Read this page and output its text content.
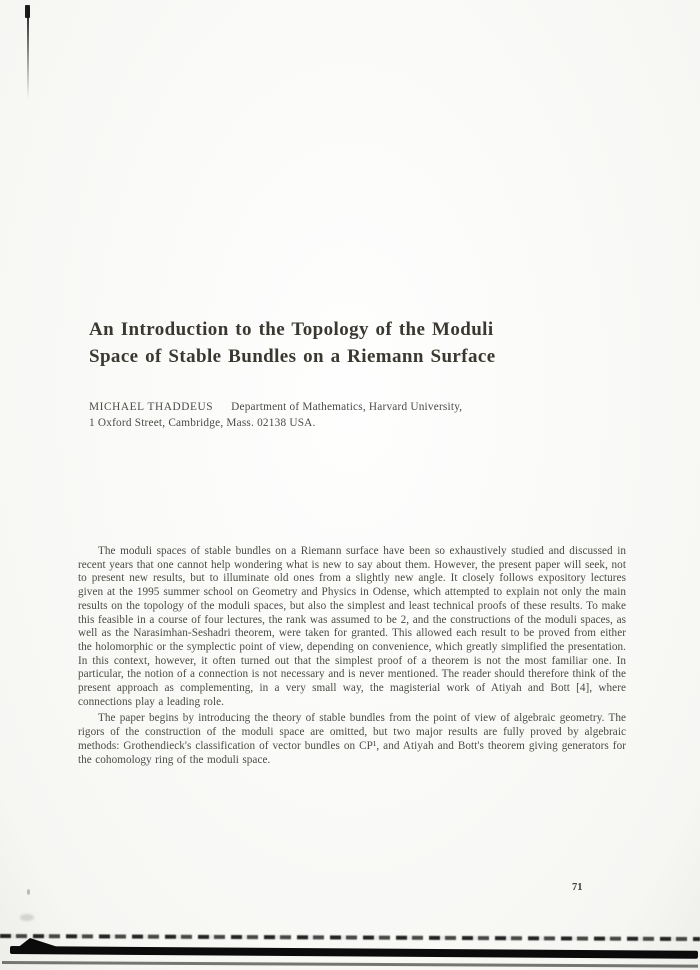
An Introduction to the Topology of the Moduli
Space of Stable Bundles on a Riemann Surface
MICHAEL THADDEUS Department of Mathematics, Harvard University,
1 Oxford Street, Cambridge, Mass. 02138 USA.

The moduli spaces of stable bundles on a Riemann surface have been so exhaustively studied and discussed in recent years that one cannot help wondering what is new to say about them. However, the present paper will seek, not to present new results, but to illuminate old ones from a slightly new angle. It closely follows expository lectures given at the 1995 summer school on Geometry and Physics in Odense, which attempted to explain not only the main results on the topology of the moduli spaces, but also the simplest and least technical proofs of these results. To make this feasible in a course of four lectures, the rank was assumed to be 2, and the constructions of the moduli spaces, as well as the Narasimhan-Seshadri theorem, were taken for granted. This allowed each result to be proved from either the holomorphic or the symplectic point of view, depending on convenience, which greatly simplified the presentation. In this context, however, it often turned out that the simplest proof of a theorem is not the most familiar one. In particular, the notion of a connection is not necessary and is never mentioned. The reader should therefore think of the present approach as complementing, in a very small way, the magisterial work of Atiyah and Bott [4], where connections play a leading role.

The paper begins by introducing the theory of stable bundles from the point of view of algebraic geometry. The rigors of the construction of the moduli space are omitted, but two major results are fully proved by algebraic methods: Grothendieck's classification of vector bundles on CP¹, and Atiyah and Bott's theorem giving generators for the cohomology ring of the moduli space.

71
